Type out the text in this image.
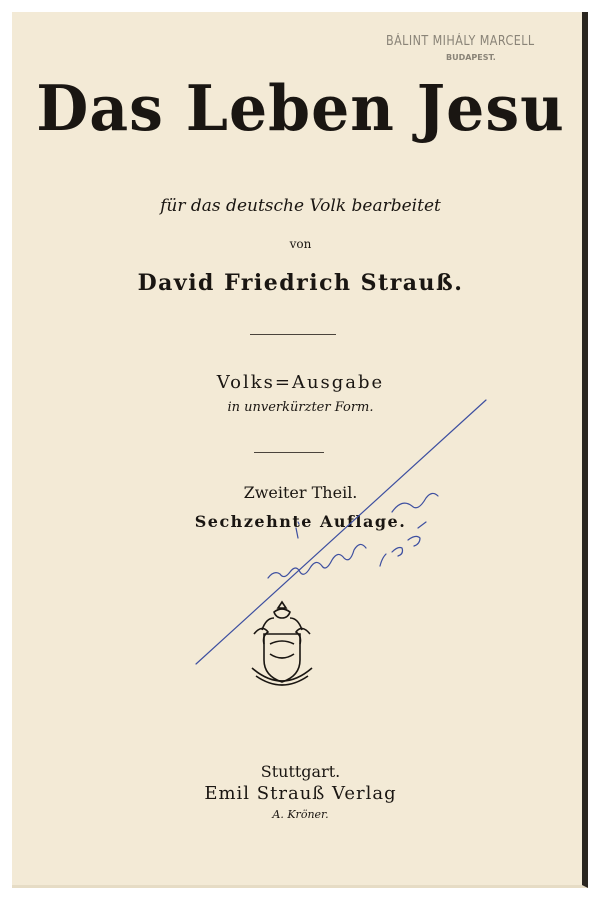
BÁLINT MIHÁLY MARCELL
BUDAPEST.
Das Leben Jesu
für das deutsche Volk bearbeitet
von
David Friedrich Strauß.
Volks=Ausgabe
in unverkürzter Form.
Zweiter Theil.
Sechzehnte Auflage.
Stuttgart.
Emil Strauß Verlag
A. Kröner.
